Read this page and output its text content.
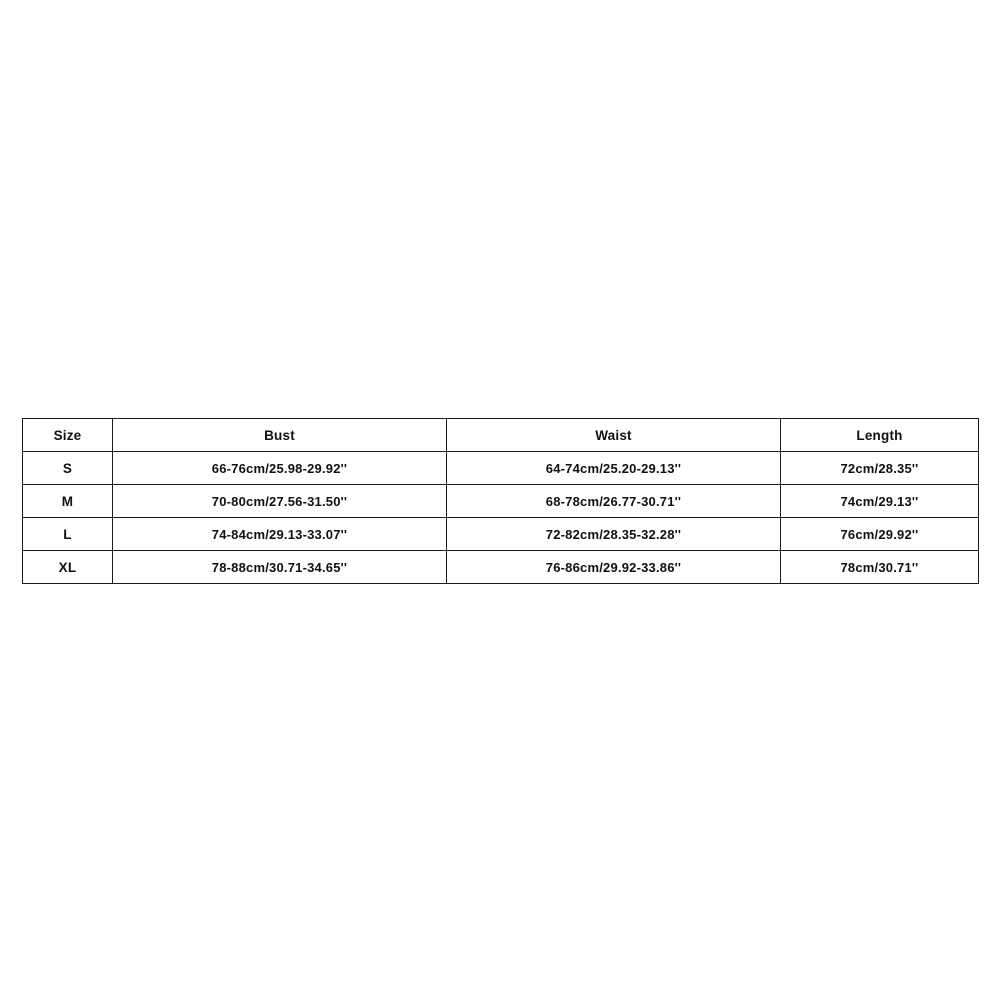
Size	Bust	Waist	Length
S	66-76cm/25.98-29.92''	64-74cm/25.20-29.13''	72cm/28.35''
M	70-80cm/27.56-31.50''	68-78cm/26.77-30.71''	74cm/29.13''
L	74-84cm/29.13-33.07''	72-82cm/28.35-32.28''	76cm/29.92''
XL	78-88cm/30.71-34.65''	76-86cm/29.92-33.86''	78cm/30.71''
